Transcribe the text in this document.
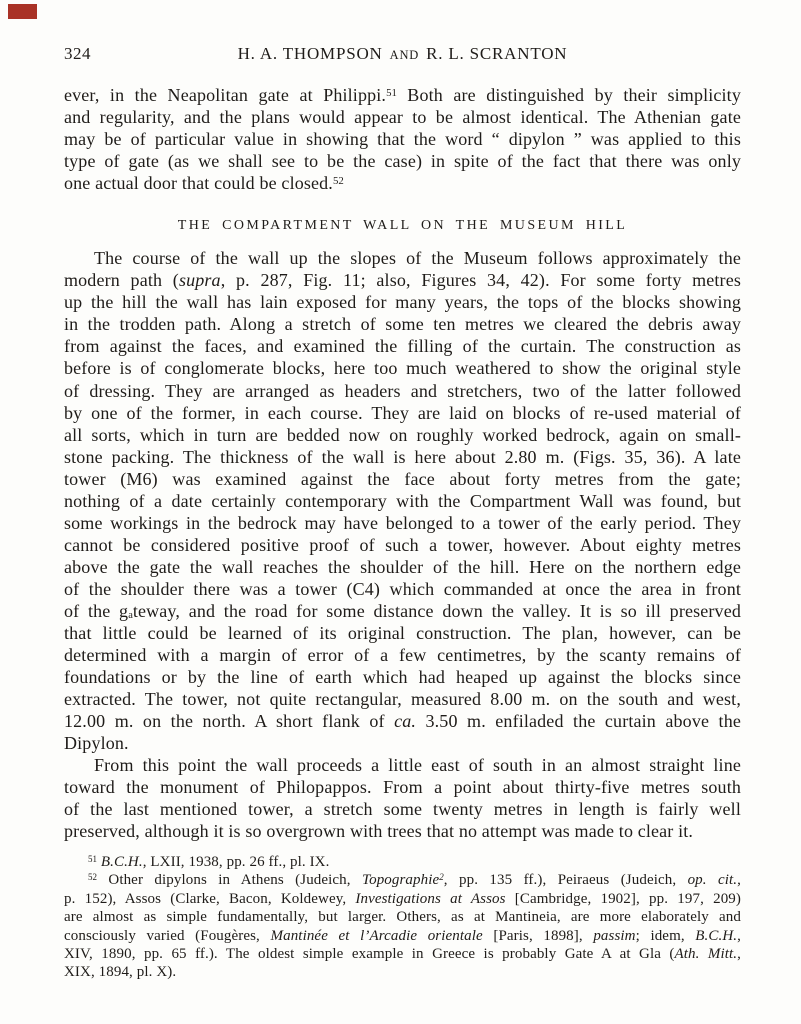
324	H. A. THOMPSON AND R. L. SCRANTON
ever, in the Neapolitan gate at Philippi.$^{51}$ Both are distinguished by their simplicity
and regularity, and the plans would appear to be almost identical. The Athenian gate
may be of particular value in showing that the word “ dipylon ” was applied to this
type of gate (as we shall see to be the case) in spite of the fact that there was only
one actual door that could be closed.$^{52}$
THE COMPARTMENT WALL ON THE MUSEUM HILL
The course of the wall up the slopes of the Museum follows approximately the
modern path (supra, p. 287, Fig. 11; also, Figures 34, 42). For some forty metres
up the hill the wall has lain exposed for many years, the tops of the blocks showing
in the trodden path. Along a stretch of some ten metres we cleared the debris away
from against the faces, and examined the filling of the curtain. The construction as
before is of conglomerate blocks, here too much weathered to show the original style
of dressing. They are arranged as headers and stretchers, two of the latter followed
by one of the former, in each course. They are laid on blocks of re-used material of
all sorts, which in turn are bedded now on roughly worked bedrock, again on small-
stone packing. The thickness of the wall is here about 2.80 m. (Figs. 35, 36). A late
tower (M6) was examined against the face about forty metres from the gate;
nothing of a date certainly contemporary with the Compartment Wall was found, but
some workings in the bedrock may have belonged to a tower of the early period. They
cannot be considered positive proof of such a tower, however. About eighty metres
above the gate the wall reaches the shoulder of the hill. Here on the northern edge
of the shoulder there was a tower (C4) which commanded at once the area in front
of the gateway, and the road for some distance down the valley. It is so ill preserved
that little could be learned of its original construction. The plan, however, can be
determined with a margin of error of a few centimetres, by the scanty remains of
foundations or by the line of earth which had heaped up against the blocks since
extracted. The tower, not quite rectangular, measured 8.00 m. on the south and west,
12.00 m. on the north. A short flank of ca. 3.50 m. enfiladed the curtain above the
Dipylon.
From this point the wall proceeds a little east of south in an almost straight line
toward the monument of Philopappos. From a point about thirty-five metres south
of the last mentioned tower, a stretch some twenty metres in length is fairly well
preserved, although it is so overgrown with trees that no attempt was made to clear it.
$^{51}$ B.C.H., LXII, 1938, pp. 26 ff., pl. IX.
$^{52}$ Other dipylons in Athens (Judeich, Topographie$^2$, pp. 135 ff.), Peiraeus (Judeich, op. cit.,
p. 152), Assos (Clarke, Bacon, Koldewey, Investigations at Assos [Cambridge, 1902], pp. 197, 209)
are almost as simple fundamentally, but larger. Others, as at Mantineia, are more elaborately and
consciously varied (Fougères, Mantinée et l’Arcadie orientale [Paris, 1898], passim; idem, B.C.H.,
XIV, 1890, pp. 65 ff.). The oldest simple example in Greece is probably Gate A at Gla (Ath. Mitt.,
XIX, 1894, pl. X).
